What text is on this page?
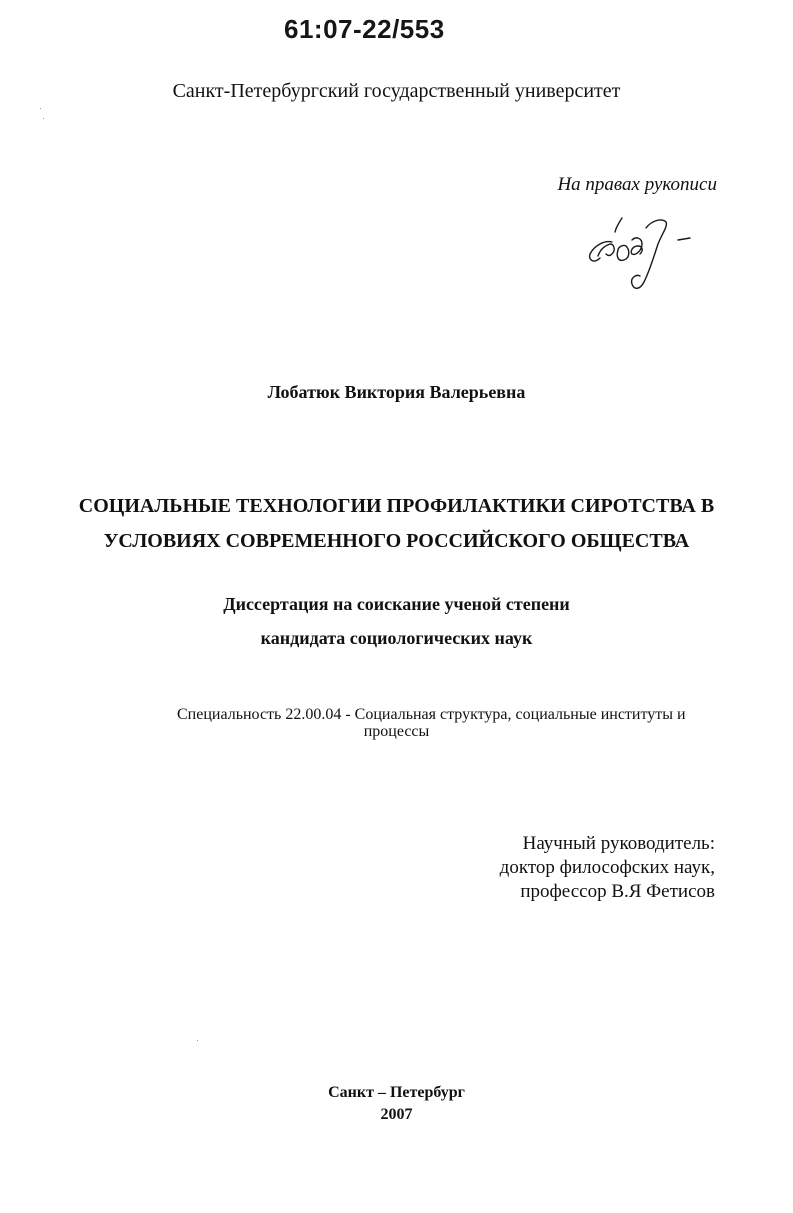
61:07-22/553
Санкт-Петербургский государственный университет
На правах рукописи
Лобатюк Виктория Валерьевна
СОЦИАЛЬНЫЕ ТЕХНОЛОГИИ ПРОФИЛАКТИКИ СИРОТСТВА В
УСЛОВИЯХ СОВРЕМЕННОГО РОССИЙСКОГО ОБЩЕСТВА
Диссертация на соискание ученой степени
кандидата социологических наук
Специальность 22.00.04 - Социальная структура, социальные институты и
процессы
Научный руководитель:
доктор философских наук,
профессор В.Я Фетисов
Санкт – Петербург
2007
